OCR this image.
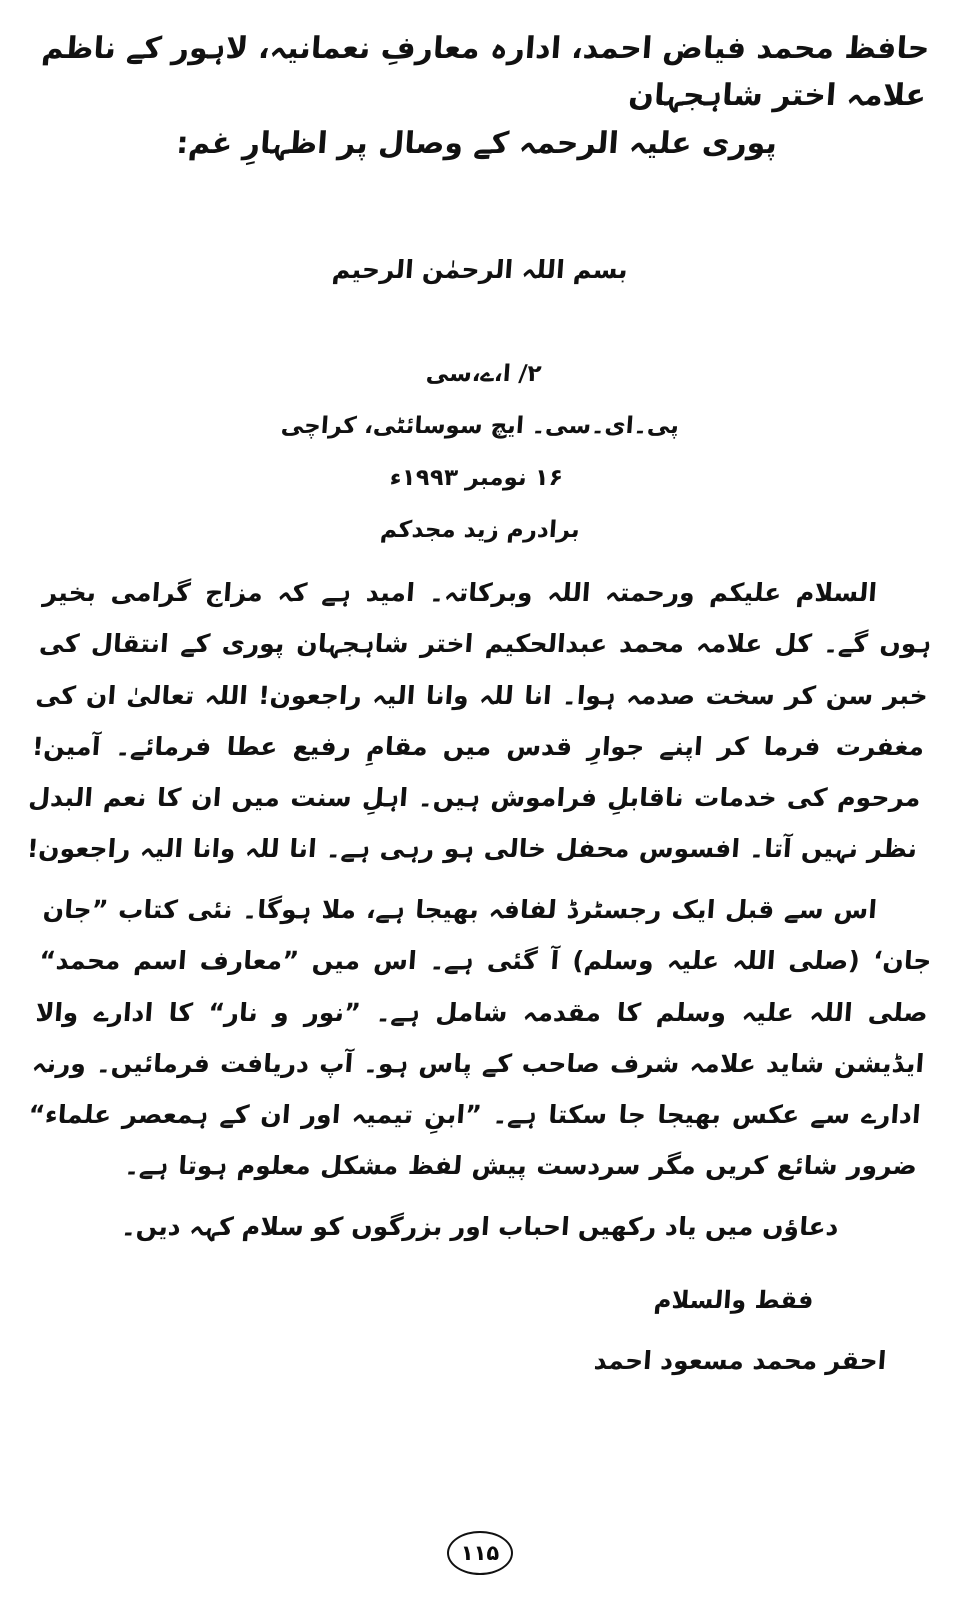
حافظ محمد فیاض احمد، ادارہ معارفِ نعمانیہ، لاہور کے ناظم علامہ اختر شاہجہان
پوری علیہ الرحمہ کے وصال پر اظہارِ غم:
بسم اللہ الرحمٰن الرحیم
۲/ ا،ے،سی
پی۔ای۔سی۔ ایچ سوسائٹی، کراچی
۱۶ نومبر ۱۹۹۳ء
برادرم زید مجدکم
السلام علیکم ورحمتہ اللہ وبرکاتہ۔ امید ہے کہ مزاج گرامی بخیر ہوں گے۔ کل علامہ محمد عبدالحکیم اختر شاہجہان پوری کے انتقال کی خبر سن کر سخت صدمہ ہوا۔ انا للہ وانا الیہ راجعون! اللہ تعالیٰ ان کی مغفرت فرما کر اپنے جوارِ قدس میں مقامِ رفیع عطا فرمائے۔ آمین! مرحوم کی خدمات ناقابلِ فراموش ہیں۔ اہلِ سنت میں ان کا نعم البدل نظر نہیں آتا۔ افسوس محفل خالی ہو رہی ہے۔ انا للہ وانا الیہ راجعون!
اس سے قبل ایک رجسٹرڈ لفافہ بھیجا ہے، ملا ہوگا۔ نئی کتاب ”جان جان‘ (صلی اللہ علیہ وسلم) آ گئی ہے۔ اس میں ”معارف اسم محمد“ صلی اللہ علیہ وسلم کا مقدمہ شامل ہے۔ ”نور و نار“ کا ادارے والا ایڈیشن شاید علامہ شرف صاحب کے پاس ہو۔ آپ دریافت فرمائیں۔ ورنہ ادارے سے عکس بھیجا جا سکتا ہے۔ ”ابنِ تیمیہ اور ان کے ہمعصر علماء“ ضرور شائع کریں مگر سردست پیش لفظ مشکل معلوم ہوتا ہے۔
دعاؤں میں یاد رکھیں احباب اور بزرگوں کو سلام کہہ دیں۔
فقط والسلام
احقر محمد مسعود احمد
۱۱۵
